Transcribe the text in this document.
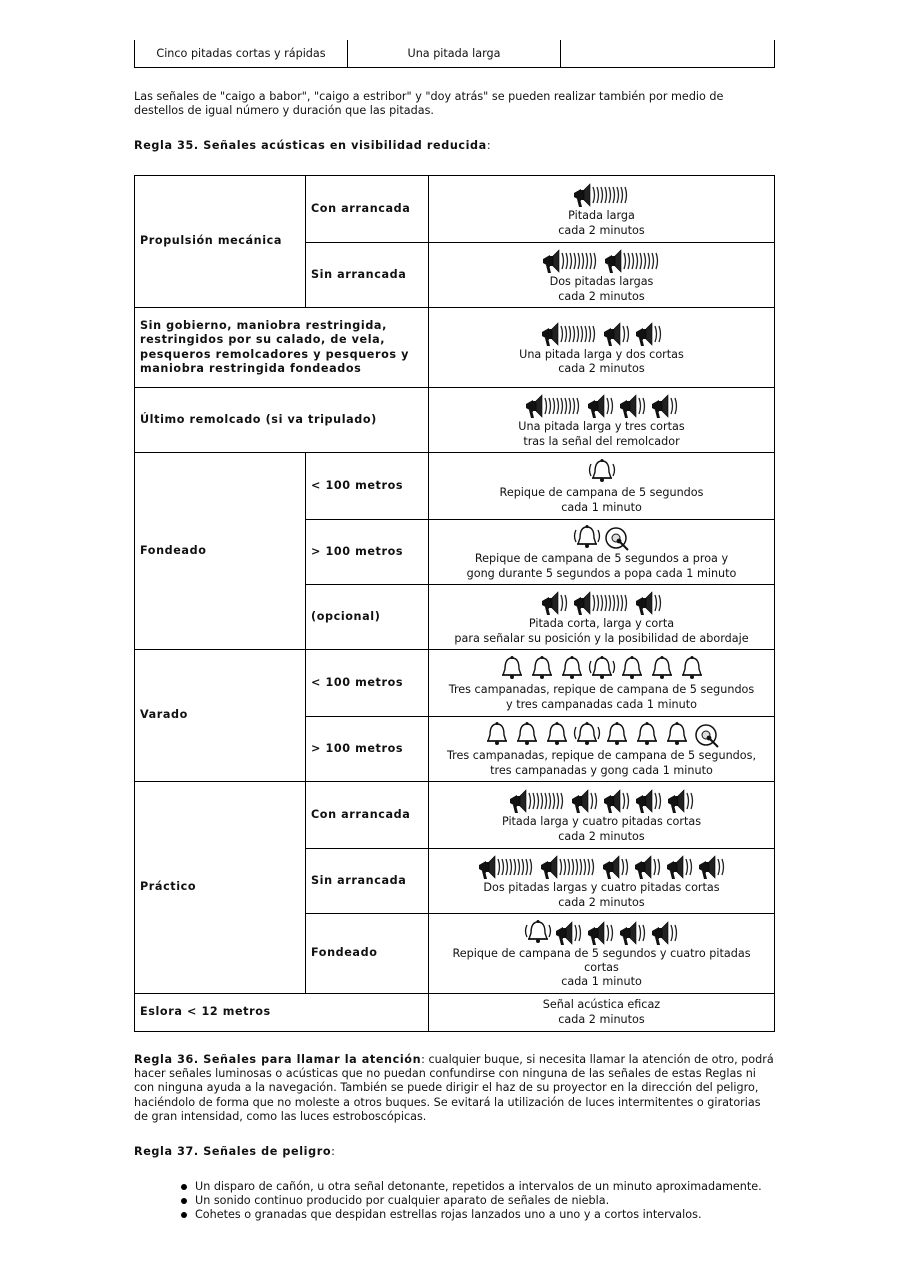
Cinco pitadas cortas y rápidas	Una pitada larga	
Las señales de "caigo a babor", "caigo a estribor" y "doy atrás" se pueden realizar también por medio de destellos de igual número y duración que las pitadas.
Regla 35. Señales acústicas en visibilidad reducida:
Propulsión mecánica	Con arrancada	Pitada larga
cada 2 minutos

	Sin arrancada	Dos pitadas largas
cada 2 minutos

Sin gobierno, maniobra restringida, restringidos por su calado, de vela, pesqueros remolcadores y pesqueros y maniobra restringida fondeados		Una pitada larga y dos cortas
cada 2 minutos

Último remolcado (si va tripulado)		Una pitada larga y tres cortas
tras la señal del remolcador

Fondeado	< 100 metros	Repique de campana de 5 segundos
cada 1 minuto

	> 100 metros	Repique de campana de 5 segundos a proa y
gong durante 5 segundos a popa cada 1 minuto

	(opcional)	Pitada corta, larga y corta
para señalar su posición y la posibilidad de abordaje

Varado	< 100 metros	Tres campanadas, repique de campana de 5 segundos
y tres campanadas cada 1 minuto

	> 100 metros	Tres campanadas, repique de campana de 5 segundos,
tres campanadas y gong cada 1 minuto

Práctico	Con arrancada	Pitada larga y cuatro pitadas cortas
cada 2 minutos

	Sin arrancada	Dos pitadas largas y cuatro pitadas cortas
cada 2 minutos

	Fondeado	Repique de campana de 5 segundos y cuatro pitadas
cortas
cada 1 minuto

Eslora < 12 metros		Señal acústica eficaz
cada 2 minutos
Regla 36. Señales para llamar la atención: cualquier buque, si necesita llamar la atención de otro, podrá hacer señales luminosas o acústicas que no puedan confundirse con ninguna de las señales de estas Reglas ni con ninguna ayuda a la navegación. También se puede dirigir el haz de su proyector en la dirección del peligro, haciéndolo de forma que no moleste a otros buques. Se evitará la utilización de luces intermitentes o giratorias de gran intensidad, como las luces estroboscópicas.
Regla 37. Señales de peligro:
Un disparo de cañón, u otra señal detonante, repetidos a intervalos de un minuto aproximadamente.
Un sonido continuo producido por cualquier aparato de señales de niebla.
Cohetes o granadas que despidan estrellas rojas lanzados uno a uno y a cortos intervalos.
